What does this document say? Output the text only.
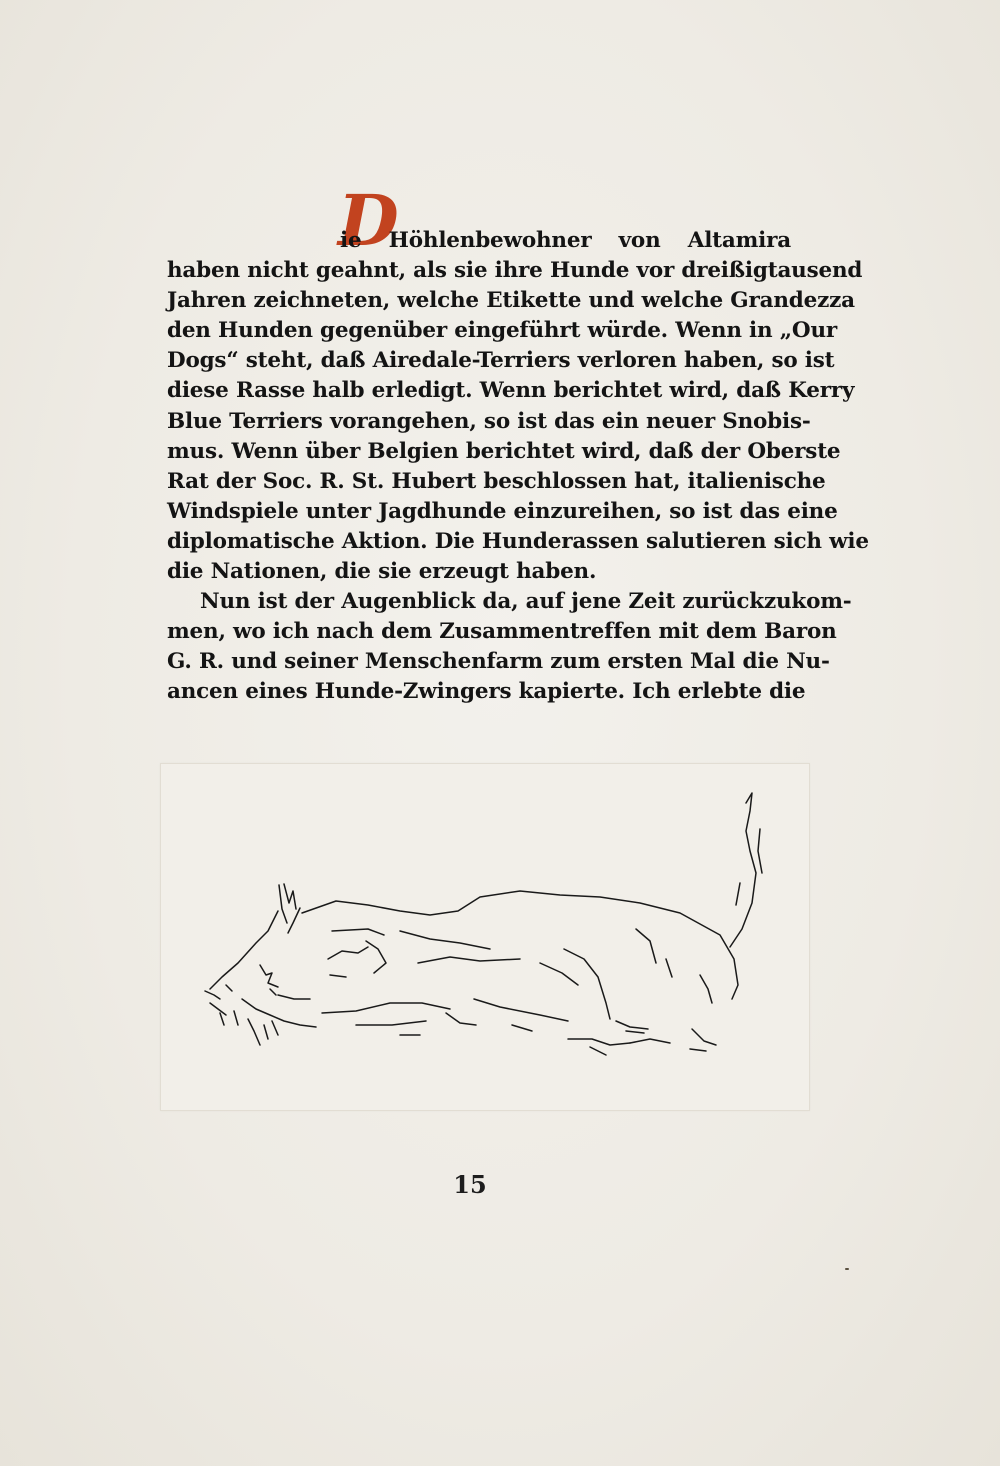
D
ie Höhlenbewohner von Altamira
haben nicht geahnt, als sie ihre Hunde vor dreißigtausend
Jahren zeichneten, welche Etikette und welche Grandezza
den Hunden gegenüber eingeführt würde. Wenn in „Our
Dogs“ steht, daß Airedale-Terriers verloren haben, so ist
diese Rasse halb erledigt. Wenn berichtet wird, daß Kerry
Blue Terriers vorangehen, so ist das ein neuer Snobis-
mus. Wenn über Belgien berichtet wird, daß der Oberste
Rat der Soc. R. St. Hubert beschlossen hat, italienische
Windspiele unter Jagdhunde einzureihen, so ist das eine
diplomatische Aktion. Die Hunderassen salutieren sich wie
die Nationen, die sie erzeugt haben.
Nun ist der Augenblick da, auf jene Zeit zurückzukom-
men, wo ich nach dem Zusammentreffen mit dem Baron
G. R. und seiner Menschenfarm zum ersten Mal die Nu-
ancen eines Hunde-Zwingers kapierte. Ich erlebte die
15
